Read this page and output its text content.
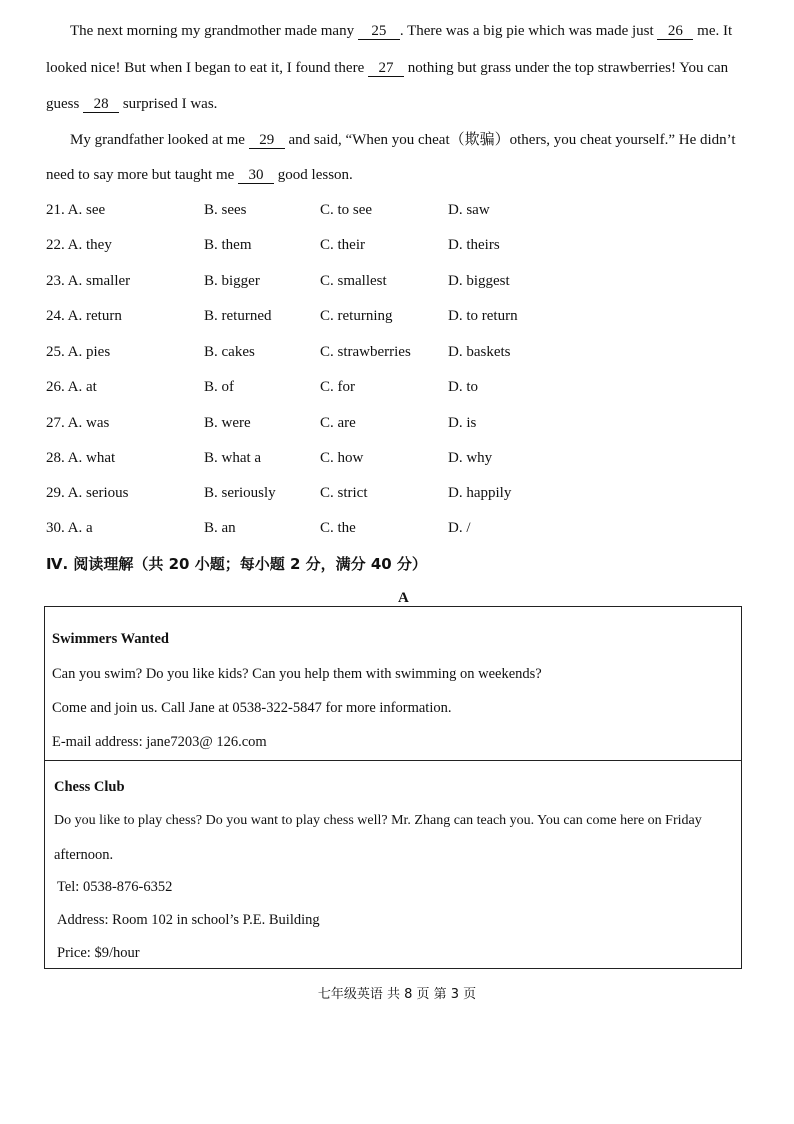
The next morning my grandmother made many 25 . There was a big pie which was made just 26 me. It
looked nice! But when I began to eat it, I found there 27 nothing but grass under the top strawberries! You can
guess 28 surprised I was.
My grandfather looked at me 29 and said, “When you cheat（欺骗）others, you cheat yourself.” He didn’t
need to say more but taught me 30 good lesson.
21. A. see	B. sees	C. to see	D. saw
22. A. they	B. them	C. their	D. theirs
23. A. smaller	B. bigger	C. smallest	D. biggest
24. A. return	B. returned	C. returning	D. to return
25. A. pies	B. cakes	C. strawberries D. baskets
26. A. at	B. of	C. for	D. to
27. A. was	B. were	C. are	D. is
28. A. what	B. what a	C. how	D. why
29. A. serious	B. seriously	C. strict	D. happily
30. A. a	B. an	C. the	D. /
Ⅳ. 阅读理解（共 20 小题；每小题 2 分，满分 40 分）
A
Swimmers Wanted
Can you swim? Do you like kids? Can you help them with swimming on weekends?
Come and join us. Call Jane at 0538-322-5847 for more information.
E-mail address: jane7203@ 126.com
Chess Club
Do you like to play chess? Do you want to play chess well? Mr. Zhang can teach you. You can come here on Friday
afternoon.
Tel: 0538-876-6352
Address: Room 102 in school’s P.E. Building
Price: $9/hour
七年级英语 共 8 页 第 3 页
